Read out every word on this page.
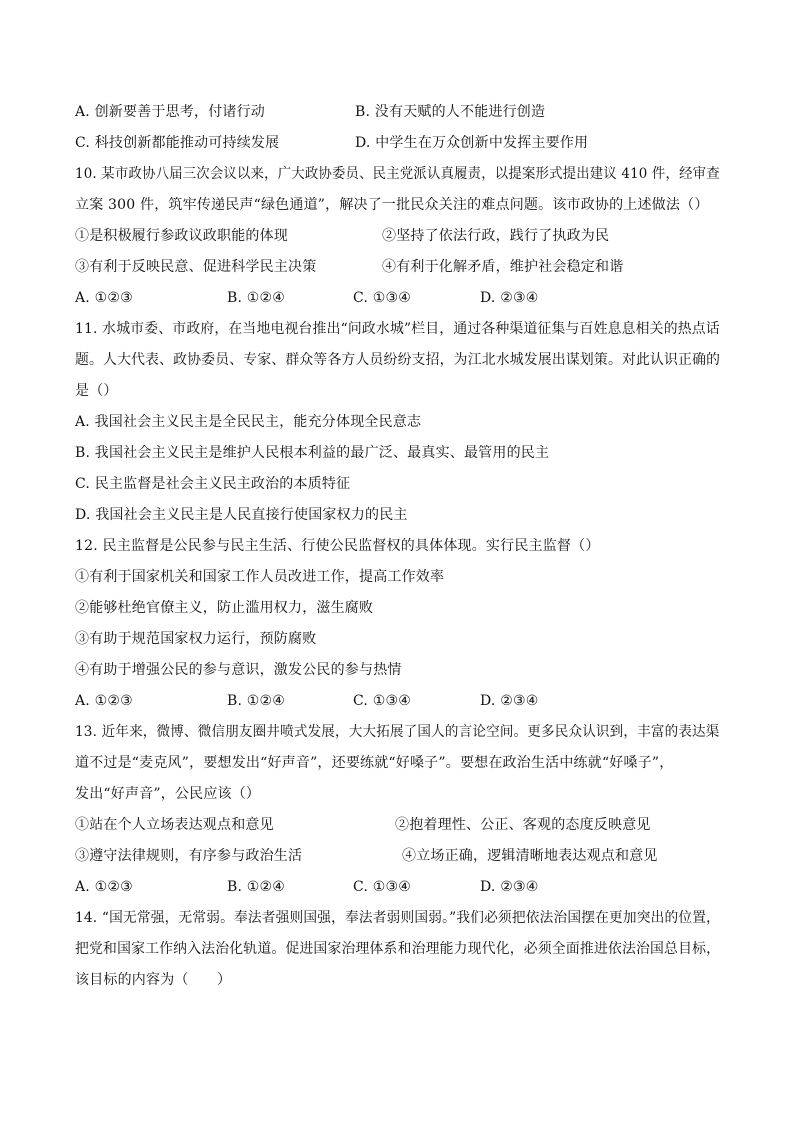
A. 创新要善于思考，付诸行动	B. 没有天赋的人不能进行创造
C. 科技创新都能推动可持续发展	D. 中学生在万众创新中发挥主要作用
10. 某市政协八届三次会议以来，广大政协委员、民主党派认真履责，以提案形式提出建议 410 件，经审查
立案 300 件，筑牢传递民声“绿色通道”，解决了一批民众关注的难点问题。该市政协的上述做法（）
①是积极履行参政议政职能的体现	②坚持了依法行政，践行了执政为民
③有利于反映民意、促进科学民主决策	④有利于化解矛盾，维护社会稳定和谐
A. ①②③	B. ①②④	C. ①③④	D. ②③④
11. 水城市委、市政府，在当地电视台推出“问政水城”栏目，通过各种渠道征集与百姓息息相关的热点话
题。人大代表、政协委员、专家、群众等各方人员纷纷支招，为江北水城发展出谋划策。对此认识正确的
是（）
A. 我国社会主义民主是全民民主，能充分体现全民意志
B. 我国社会主义民主是维护人民根本利益的最广泛、最真实、最管用的民主
C. 民主监督是社会主义民主政治的本质特征
D. 我国社会主义民主是人民直接行使国家权力的民主
12. 民主监督是公民参与民主生活、行使公民监督权的具体体现。实行民主监督（）
①有利于国家机关和国家工作人员改进工作，提高工作效率
②能够杜绝官僚主义，防止滥用权力，滋生腐败
③有助于规范国家权力运行，预防腐败
④有助于增强公民的参与意识，激发公民的参与热情
A. ①②③	B. ①②④	C. ①③④	D. ②③④
13. 近年来，微博、微信朋友圈井喷式发展，大大拓展了国人的言论空间。更多民众认识到，丰富的表达渠
道不过是“麦克风”，要想发出“好声音”，还要练就“好嗓子”。要想在政治生活中练就“好嗓子”，
发出“好声音”，公民应该（）
①站在个人立场表达观点和意见	②抱着理性、公正、客观的态度反映意见
③遵守法律规则，有序参与政治生活	④立场正确，逻辑清晰地表达观点和意见
A. ①②③	B. ①②④	C. ①③④	D. ②③④
14. “国无常强，无常弱。奉法者强则国强，奉法者弱则国弱。”我们必须把依法治国摆在更加突出的位置，
把党和国家工作纳入法治化轨道。促进国家治理体系和治理能力现代化，必须全面推进依法治国总目标，
该目标的内容为（　　）
